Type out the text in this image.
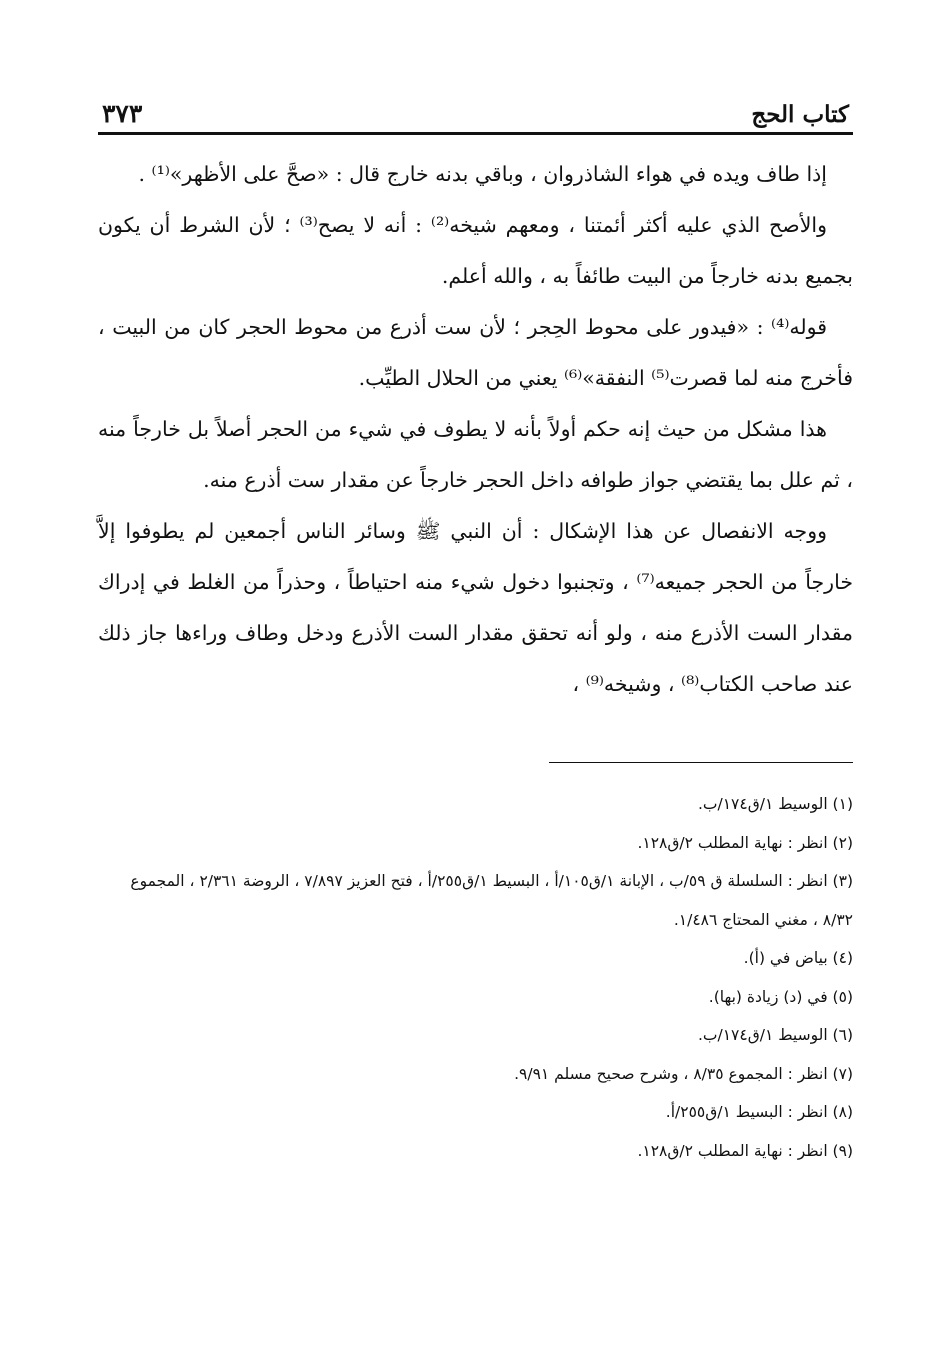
كتاب الحج
٣٧٣

إذا طاف ويده في هواء الشاذروان ، وباقي بدنه خارج قال : «صحَّ على الأظهر»⁽¹⁾ .

والأصح الذي عليه أكثر أئمتنا ، ومعهم شيخه⁽²⁾ : أنه لا يصح⁽³⁾ ؛ لأن الشرط أن يكون بجميع بدنه خارجاً من البيت طائفاً به ، والله أعلم.

قوله⁽⁴⁾ : «فيدور على محوط الحِجر ؛ لأن ست أذرع من محوط الحجر كان من البيت ، فأخرج منه لما قصرت⁽⁵⁾ النفقة»⁽⁶⁾ يعني من الحلال الطيِّب.

هذا مشكل من حيث إنه حكم أولاً بأنه لا يطوف في شيء من الحجر أصلاً بل خارجاً منه ، ثم علل بما يقتضي جواز طوافه داخل الحجر خارجاً عن مقدار ست أذرع منه.

ووجه الانفصال عن هذا الإشكال : أن النبي ﷺ وسائر الناس أجمعين لم يطوفوا إلاَّ خارجاً من الحجر جميعه⁽⁷⁾ ، وتجنبوا دخول شيء منه احتياطاً ، وحذراً من الغلط في إدراك مقدار الست الأذرع منه ، ولو أنه تحقق مقدار الست الأذرع ودخل وطاف وراءها جاز ذلك عند صاحب الكتاب⁽⁸⁾ ، وشيخه⁽⁹⁾ ،

(١) الوسيط ١/ق١٧٤/ب.

(٢) انظر : نهاية المطلب ٢/ق١٢٨.

(٣) انظر : السلسلة ق ٥٩/ب ، الإبانة ١/ق١٠٥/أ ، البسيط ١/ق٢٥٥/أ ، فتح العزيز ٧/٨٩٧ ، الروضة ٢/٣٦١ ، المجموع ٨/٣٢ ، مغني المحتاج ١/٤٨٦.

(٤) بياض في (أ).

(٥) في (د) زيادة (بها).

(٦) الوسيط ١/ق١٧٤/ب.

(٧) انظر : المجموع ٨/٣٥ ، وشرح صحيح مسلم ٩/٩١.

(٨) انظر : البسيط ١/ق٢٥٥/أ.

(٩) انظر : نهاية المطلب ٢/ق١٢٨.
